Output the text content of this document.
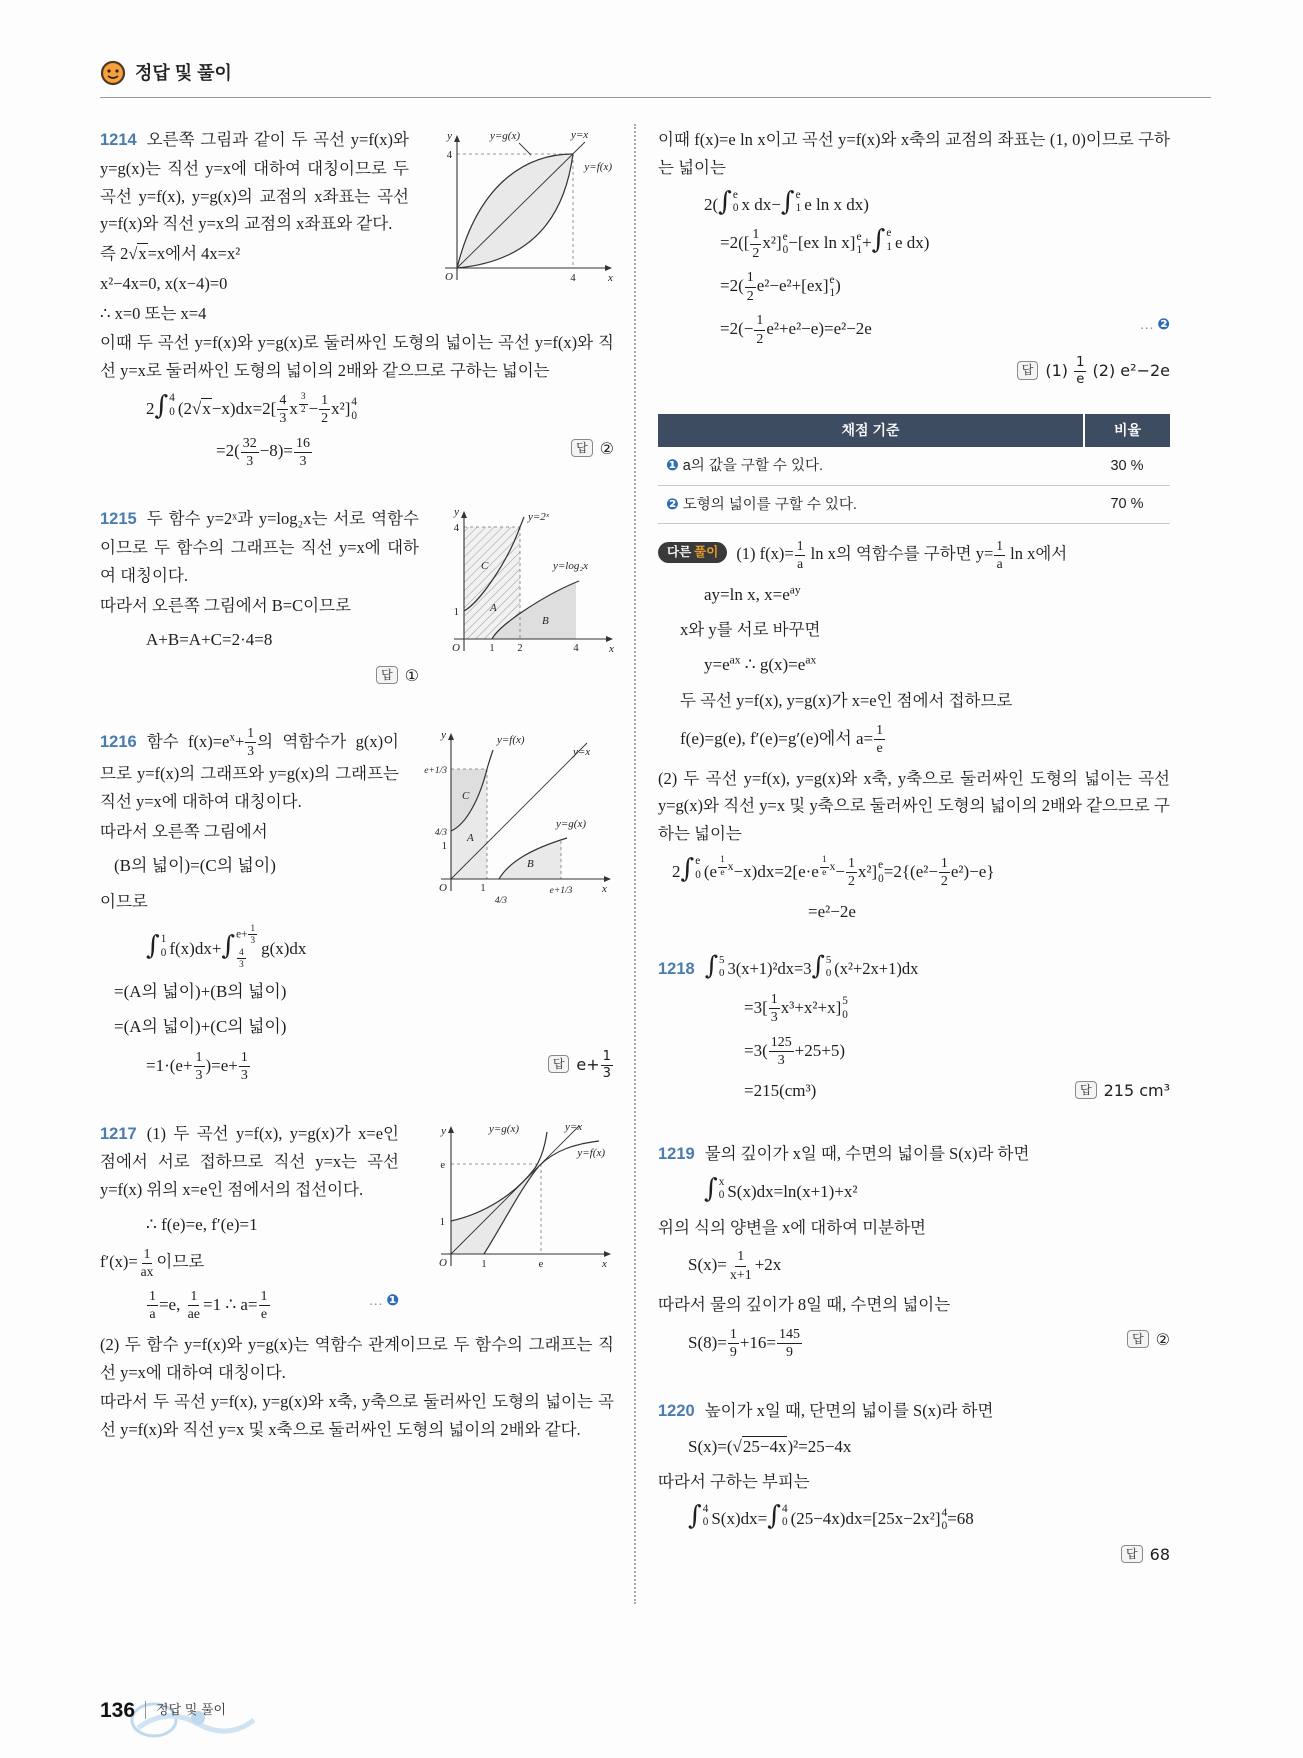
정답 및 풀이
y
x
O
4
4
y=g(x)	y=x
y=f(x)

1214 오른쪽 그림과 같이 두 곡선 y=f(x)와 y=g(x)는 직선 y=x에 대하여 대칭이므로 두 곡선 y=f(x), y=g(x)의 교점의 x좌표는 곡선 y=f(x)와 직선 y=x의 교점의 x좌표와 같다.

즉 2√x=x에서 4x=x²

x²−4x=0, x(x−4)=0

∴ x=0 또는 x=4

이때 두 곡선 y=f(x)와 y=g(x)로 둘러싸인 도형의 넓이는 곡선 y=f(x)와 직선 y=x로 둘러싸인 도형의 넓이의 2배와 같으므로 구하는 넓이는

2 ∫ 4
0 $(2√x-x)dx=2[ \frac{4}{3}$ x $^{\frac{3}{2}} - \frac{1}{2} x^2$] 4
0

$=2( \frac{32}{3} -8)= \frac{16}{3}$	답 ②

y
x
O
4
1
1 2	4
y=2ˣ
y=log₂x
C
A
B

1215 두 함수 y=2ˣ과 y=log₂x는 서로 역함수이므로 두 함수의 그래프는 직선 y=x에 대하여 대칭이다.

따라서 오른쪽 그림에서 B=C이므로

A+B=A+C=2·4=8

답 ①

y
x
O
e+1/3
4/3
1
1
4/3
e+1/3
y=f(x)
y=x
y=g(x)
C
A
B

1216 함수 $f(x)=e^x+ \frac{1}{3}$ 의 역함수가 g(x)이므로 y=f(x)의 그래프와 y=g(x)의 그래프는 직선 y=x에 대하여 대칭이다.

따라서 오른쪽 그림에서

(B의 넓이)=(C의 넓이)

이므로

∫ 1
0 f(x)dx+ ∫ $e+ \frac{1}{3}$
$\frac{4}{3} g(x)dx$

=(A의 넓이)+(B의 넓이)

=(A의 넓이)+(C의 넓이)

$=1\cdot(e+ \frac{1}{3} )=e+ \frac{1}{3}$	답 $e+ \frac{1}{3}$

y
x
O
e
1
1	e
y=g(x)	y=x
y=f(x)

1217 (1) 두 곡선 y=f(x), y=g(x)가 x=e인 점에서 서로 접하므로 직선 y=x는 곡선 y=f(x) 위의 x=e인 점에서의 접선이다.

∴ f(e)=e, f′(e)=1

$f'(x)= \frac{1}{ax}$ 이므로

$\frac{1}{a} =e$, $\frac{1}{ae} =1$ ∴ $a= \frac{1}{e}$	… ❶

(2) 두 함수 y=f(x)와 y=g(x)는 역함수 관계이므로 두 함수의 그래프는 직선 y=x에 대하여 대칭이다.

따라서 두 곡선 y=f(x), y=g(x)와 x축, y축으로 둘러싸인 도형의 넓이는 곡선 y=f(x)와 직선 y=x 및 x축으로 둘러싸인 도형의 넓이의 2배와 같다.

이때 f(x)=e ln x이고 곡선 y=f(x)와 x축의 교점의 좌표는 (1, 0)이므로 구하는 넓이는

2( ∫ e
0 x dx− ∫ e
1 e ln x dx)

$=2([ \frac{1}{2} x^2]$ e
0 −[ex ln x] e
1 + ∫ e
1 e dx)

$=2( \frac{1}{2} e^2-e^2+[ex]$ e
1 )

$=2(- \frac{1}{2} e^2+e^2-e)=e^2-2e$	… ❷

답 $(1) \frac{1}{e} (2)$ e²−2e

채점 기준	비율
❶ a의 값을 구할 수 있다.	30 %
❷ 도형의 넓이를 구할 수 있다.	70 %

다른 풀이	(1) $f(x)= \frac{1}{a}$ ln x의 역함수를 구하면 $y= \frac{1}{a}$ ln x에서

ay=ln x, $x=e^{ay}$

x와 y를 서로 바꾸면

$y=e^{ax}$ ∴ $g(x)=e^{ax}$

두 곡선 y=f(x), y=g(x)가 x=e인 점에서 접하므로

f(e)=g(e), f′(e)=g′(e)에서 $a= \frac{1}{e}$

(2) 두 곡선 y=f(x), y=g(x)와 x축, y축으로 둘러싸인 도형의 넓이는 곡선 y=g(x)와 직선 y=x 및 y축으로 둘러싸인 도형의 넓이의 2배와 같으므로 구하는 넓이는

2 ∫ e
0 (e $^{\frac{1}{e} x}$−x)dx=2[e·e $^{\frac{1}{e} x}- \frac{1}{2} x^2$] e
$0 =2\{(e^2- \frac{1}{2} e^2)-e\}$

=e²−2e

1218 ∫ 5
0 3(x+1)²dx=3 ∫ 5
0 (x²+2x+1)dx

$=3[ \frac{1}{3} x^3+x^2+x]$ 5
0

$=3( \frac{125}{3} +25+5)$

=215(cm³)	답 215 cm³

1219 물의 깊이가 x일 때, 수면의 넓이를 S(x)라 하면

∫ x
0 S(x)dx=ln(x+1)+x²

위의 식의 양변을 x에 대하여 미분하면

$S(x)= \frac{1}{x+1} +2x$

따라서 물의 깊이가 8일 때, 수면의 넓이는

$S(8)= \frac{1}{9} +16= \frac{145}{9}$	답 ②

1220 높이가 x일 때, 단면의 넓이를 S(x)라 하면

S(x)=(√25−4x)²=25−4x

따라서 구하는 부피는

∫ 4
0 S(x)dx= ∫ 4
0 (25−4x)dx=[25x−2x²] 4
0 =68

답 68

136 정답 및 풀이
